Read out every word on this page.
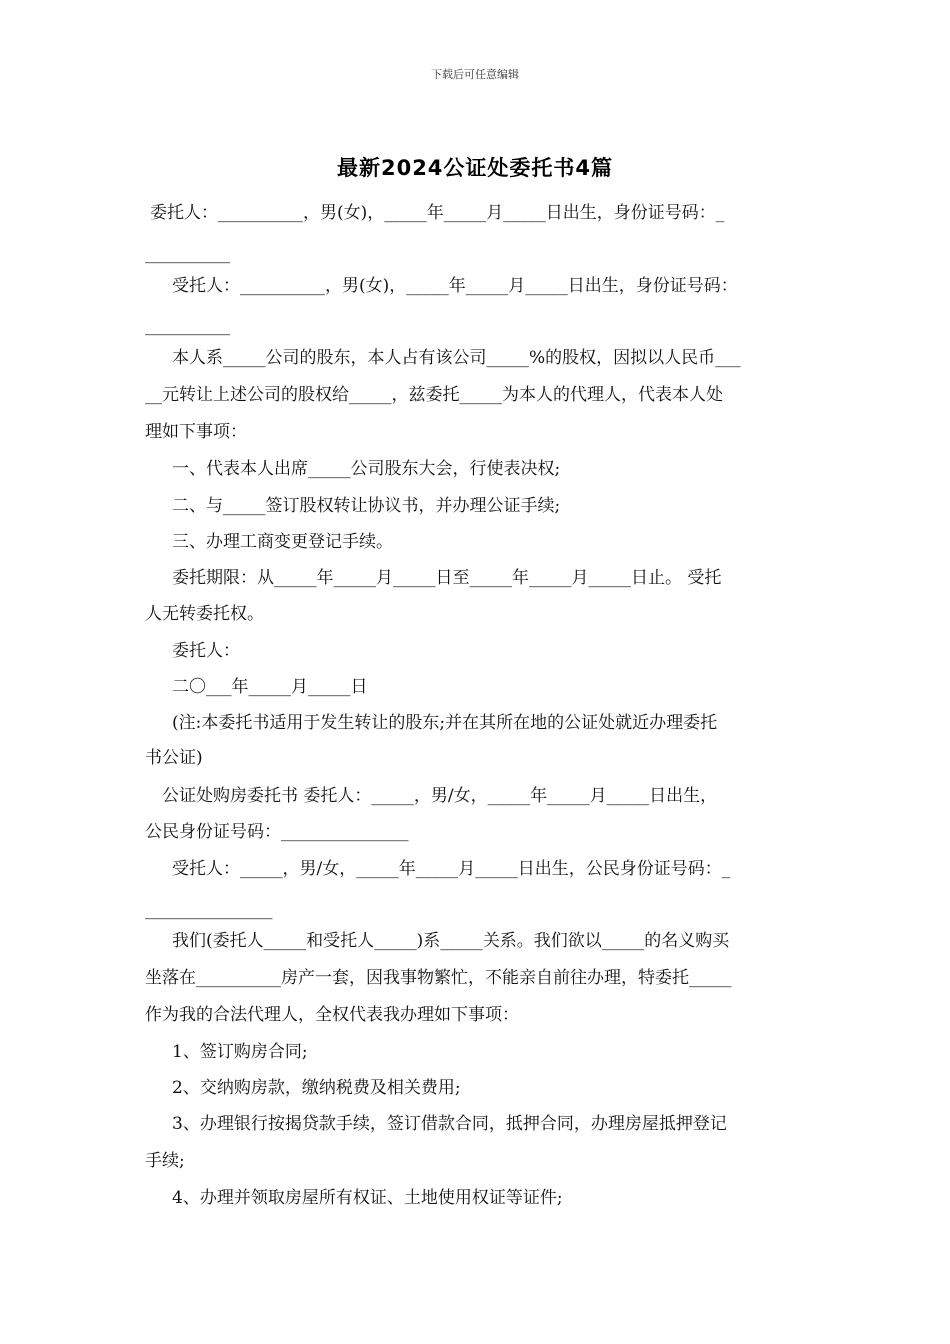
下载后可任意编辑
最新2024公证处委托书4篇
委托人：__________，男(女)，_____年_____月_____日出生，身份证号码：_
__________
受托人：__________，男(女)，_____年_____月_____日出生，身份证号码：
__________
本人系_____公司的股东，本人占有该公司_____%的股权，因拟以人民币___
__元转让上述公司的股权给_____，兹委托_____为本人的代理人，代表本人处
理如下事项：
一、代表本人出席_____公司股东大会，行使表决权;
二、与_____签订股权转让协议书，并办理公证手续;
三、办理工商变更登记手续。
委托期限：从_____年_____月_____日至_____年_____月_____日止。 受托
人无转委托权。
委托人：
二〇___年_____月_____日
(注:本委托书适用于发生转让的股东;并在其所在地的公证处就近办理委托
书公证)
公证处购房委托书 委托人：_____，男/女，_____年_____月_____日出生，
公民身份证号码：_______________
受托人：_____，男/女，_____年_____月_____日出生，公民身份证号码：_
_______________
我们(委托人_____和受托人_____)系_____关系。我们欲以_____的名义购买
坐落在__________房产一套，因我事物繁忙，不能亲自前往办理，特委托_____
作为我的合法代理人，全权代表我办理如下事项：
1、签订购房合同;
2、交纳购房款，缴纳税费及相关费用;
3、办理银行按揭贷款手续，签订借款合同，抵押合同，办理房屋抵押登记
手续;
4、办理并领取房屋所有权证、土地使用权证等证件;
